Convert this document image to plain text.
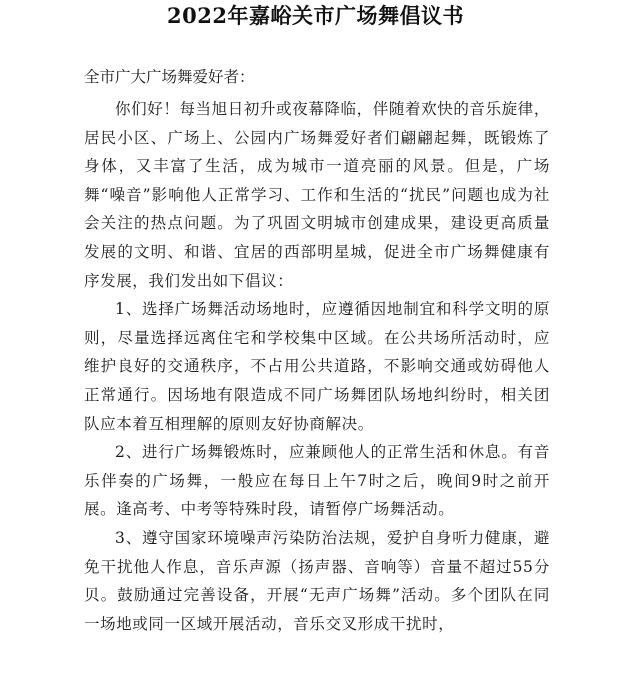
2022年嘉峪关市广场舞倡议书
全市广大广场舞爱好者：

你们好！每当旭日初升或夜幕降临，伴随着欢快的音乐旋律，居民小区、广场上、公园内广场舞爱好者们翩翩起舞，既锻炼了身体，又丰富了生活，成为城市一道亮丽的风景。但是，广场舞“噪音”影响他人正常学习、工作和生活的“扰民”问题也成为社会关注的热点问题。为了巩固文明城市创建成果，建设更高质量发展的文明、和谐、宜居的西部明星城，促进全市广场舞健康有序发展，我们发出如下倡议：

1、选择广场舞活动场地时，应遵循因地制宜和科学文明的原则，尽量选择远离住宅和学校集中区域。在公共场所活动时，应维护良好的交通秩序，不占用公共道路，不影响交通或妨碍他人正常通行。因场地有限造成不同广场舞团队场地纠纷时，相关团队应本着互相理解的原则友好协商解决。

2、进行广场舞锻炼时，应兼顾他人的正常生活和休息。有音乐伴奏的广场舞，一般应在每日上午7时之后，晚间9时之前开展。逢高考、中考等特殊时段，请暂停广场舞活动。

3、遵守国家环境噪声污染防治法规，爱护自身听力健康，避免干扰他人作息，音乐声源（扬声器、音响等）音量不超过55分贝。鼓励通过完善设备，开展“无声广场舞”活动。多个团队在同一场地或同一区域开展活动，音乐交叉形成干扰时，
